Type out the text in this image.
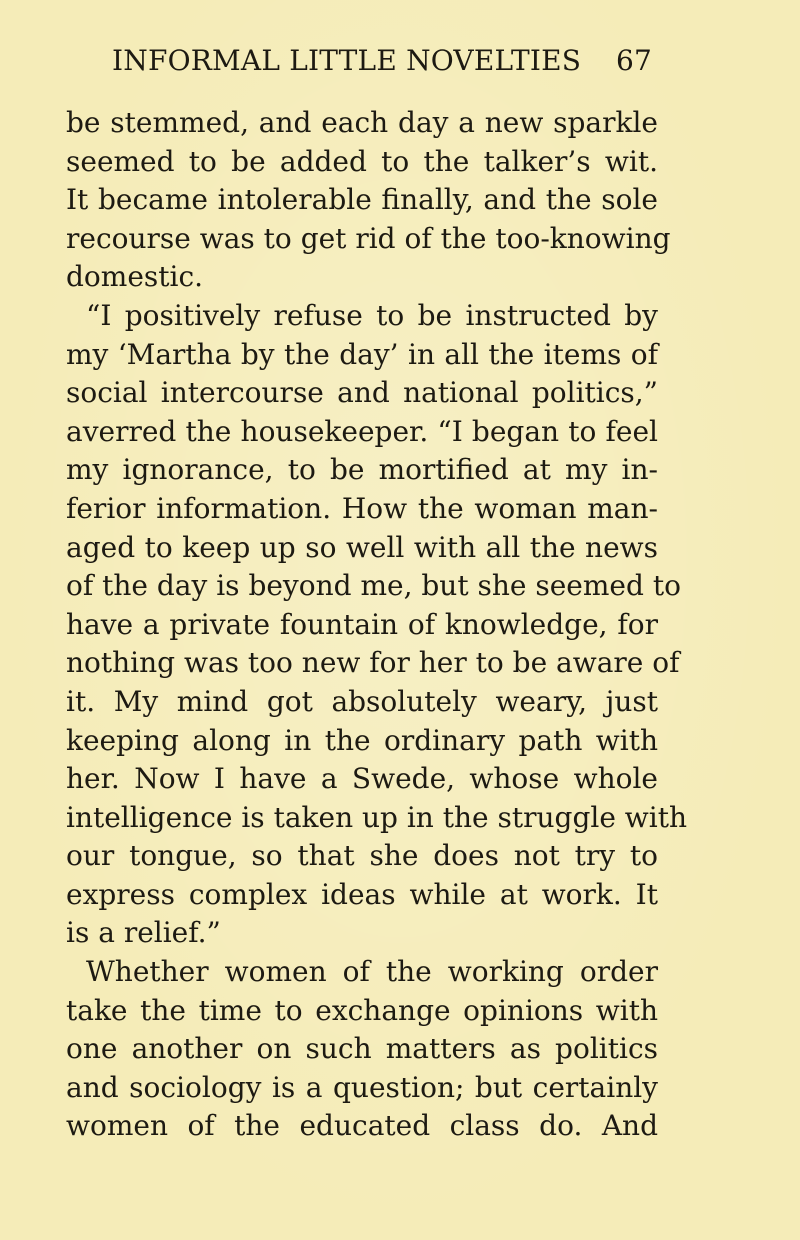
INFORMAL LITTLE NOVELTIES 67
be stemmed, and each day a new sparkle
seemed to be added to the talker’s wit.
It became intolerable finally, and the sole
recourse was to get rid of the too-knowing
domestic.
“I positively refuse to be instructed by
my ‘Martha by the day’ in all the items of
social intercourse and national politics,”
averred the housekeeper. “I began to feel
my ignorance, to be mortified at my in-
ferior information. How the woman man-
aged to keep up so well with all the news
of the day is beyond me, but she seemed to
have a private fountain of knowledge, for
nothing was too new for her to be aware of
it. My mind got absolutely weary, just
keeping along in the ordinary path with
her. Now I have a Swede, whose whole
intelligence is taken up in the struggle with
our tongue, so that she does not try to
express complex ideas while at work. It
is a relief.”
Whether women of the working order
take the time to exchange opinions with
one another on such matters as politics
and sociology is a question; but certainly
women of the educated class do. And
